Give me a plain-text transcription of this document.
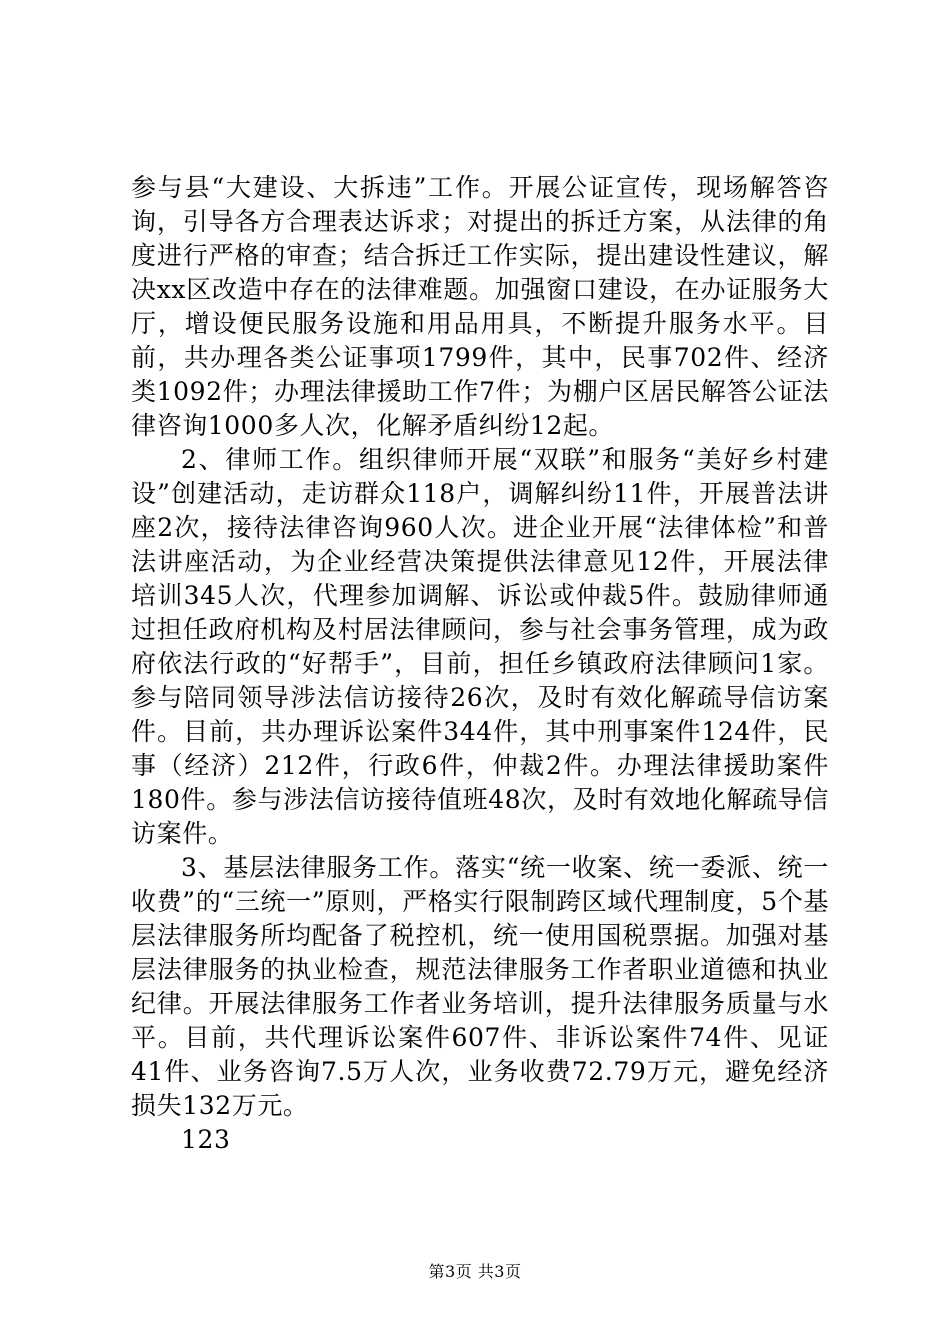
参与县“大建设、大拆违”工作。开展公证宣传，现场解答咨询，引导各方合理表达诉求；对提出的拆迁方案，从法律的角度进行严格的审查；结合拆迁工作实际，提出建设性建议，解决xx区改造中存在的法律难题。加强窗口建设，在办证服务大厅，增设便民服务设施和用品用具，不断提升服务水平。目前，共办理各类公证事项1799件，其中，民事702件、经济类1092件；办理法律援助工作7件；为棚户区居民解答公证法律咨询1000多人次，化解矛盾纠纷12起。

2、律师工作。组织律师开展“双联”和服务“美好乡村建设”创建活动，走访群众118户，调解纠纷11件，开展普法讲座2次，接待法律咨询960人次。进企业开展“法律体检”和普法讲座活动，为企业经营决策提供法律意见12件，开展法律培训345人次，代理参加调解、诉讼或仲裁5件。鼓励律师通过担任政府机构及村居法律顾问，参与社会事务管理，成为政府依法行政的“好帮手”，目前，担任乡镇政府法律顾问1家。参与陪同领导涉法信访接待26次，及时有效化解疏导信访案件。目前，共办理诉讼案件344件，其中刑事案件124件，民事（经济）212件，行政6件，仲裁2件。办理法律援助案件180件。参与涉法信访接待值班48次，及时有效地化解疏导信访案件。

3、基层法律服务工作。落实“统一收案、统一委派、统一收费”的“三统一”原则，严格实行限制跨区域代理制度，5个基层法律服务所均配备了税控机，统一使用国税票据。加强对基层法律服务的执业检查，规范法律服务工作者职业道德和执业纪律。开展法律服务工作者业务培训，提升法律服务质量与水平。目前，共代理诉讼案件607件、非诉讼案件74件、见证41件、业务咨询7.5万人次，业务收费72.79万元，避免经济损失132万元。

123

第3页 共3页
